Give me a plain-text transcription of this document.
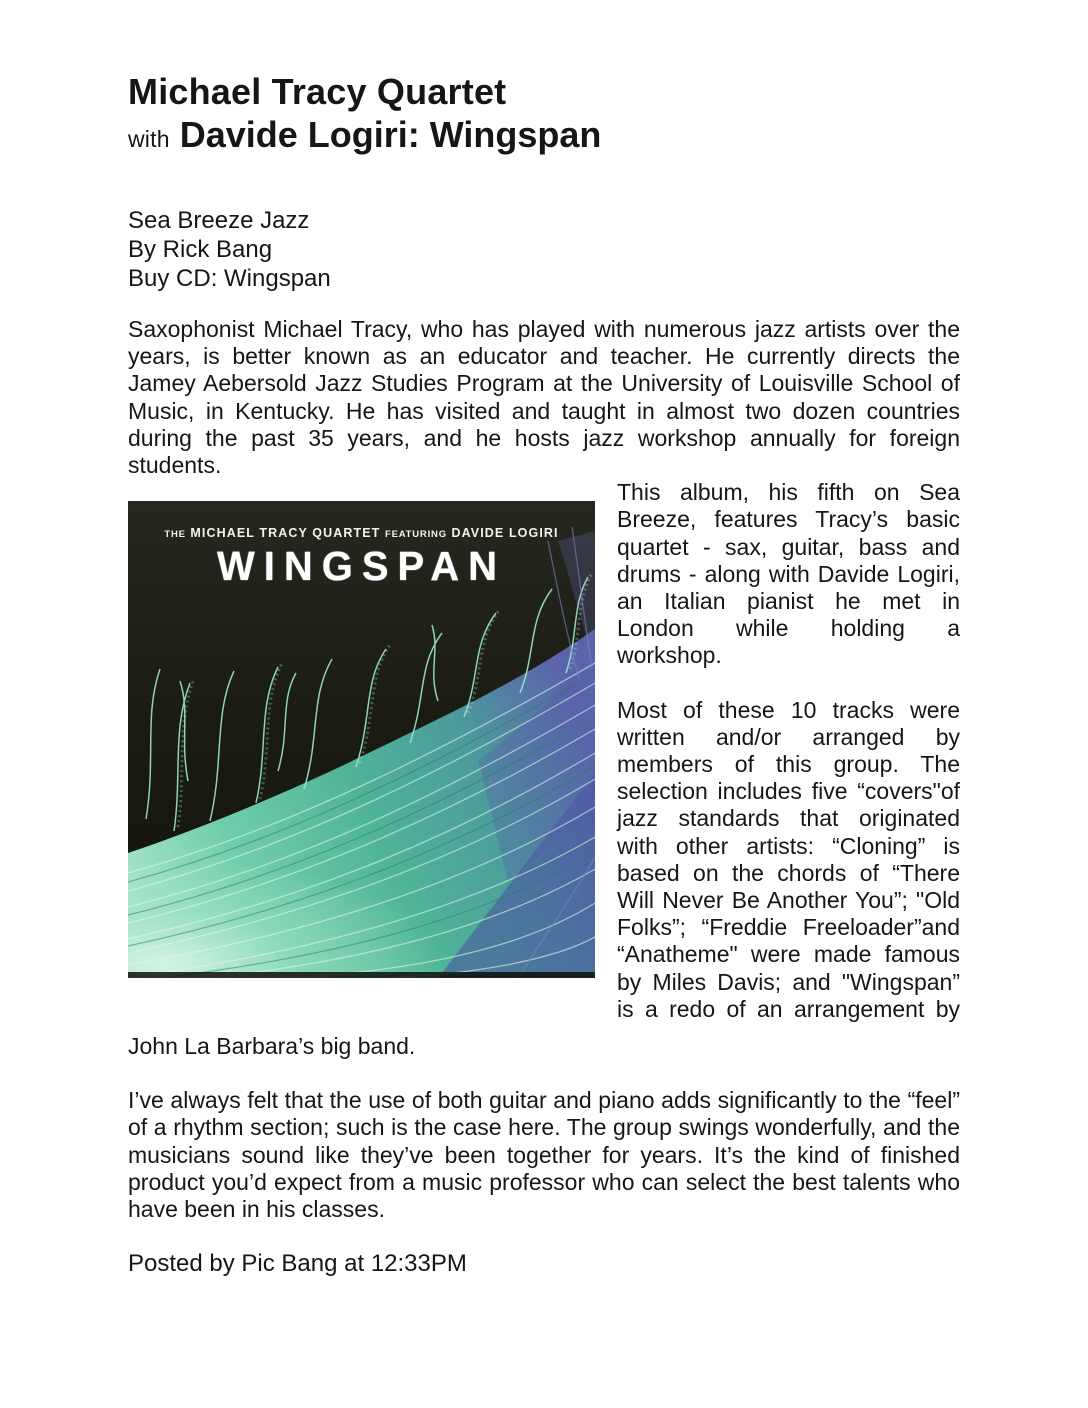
Michael Tracy Quartet
with Davide Logiri: Wingspan
Sea Breeze Jazz
By Rick Bang
Buy CD: Wingspan

Saxophonist Michael Tracy, who has played with numerous jazz artists over the years, is better known as an educator and teacher. He currently directs the Jamey Aebersold Jazz Studies Program at the University of Louisville School of Music, in Kentucky. He has visited and taught in almost two dozen countries during the past 35 years, and he hosts jazz workshop annually for foreign students.

THE MICHAEL TRACY QUARTET FEATURING DAVIDE LOGIRI
WINGSPAN

This album, his fifth on Sea Breeze, features Tracy’s basic quartet - sax, guitar, bass and drums - along with Davide Logiri, an Italian pianist he met in London while holding a workshop.

Most of these 10 tracks were written and/or arranged by members of this group. The selection includes five “covers"of jazz standards that originated with other artists: “Cloning” is based on the chords of “There Will Never Be Another You”; "Old Folks”; “Freddie Freeloader”and “Anatheme" were made famous by Miles Davis; and "Wingspan” is a redo of an arrangement by

John La Barbara’s big band.

I’ve always felt that the use of both guitar and piano adds significantly to the “feel” of a rhythm section; such is the case here. The group swings wonderfully, and the musicians sound like they’ve been together for years. It’s the kind of finished product you’d expect from a music professor who can select the best talents who have been in his classes.

Posted by Pic Bang at 12:33PM
